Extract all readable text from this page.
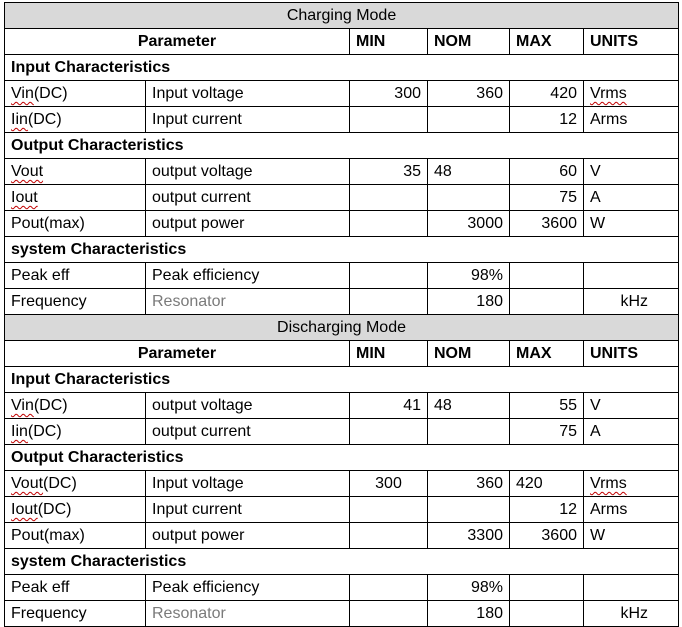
Charging Mode					
Parameter		MIN	NOM	MAX	UNITS
Input Characteristics					
Vin(DC)	Input voltage	300	360	420	Vrms
Iin(DC)	Input current			12	Arms
Output Characteristics					
Vout	output voltage	35	48	60	V
Iout	output current			75	A
Pout(max)	output power		3000	3600	W
system Characteristics					
Peak eff	Peak efficiency		98%		
Frequency	Resonator		180		kHz
Discharging Mode					
Parameter		MIN	NOM	MAX	UNITS
Input Characteristics					
Vin(DC)	output voltage	41	48	55	V
Iin(DC)	output current			75	A
Output Characteristics					
Vout(DC)	Input voltage	300	360	420	Vrms
Iout(DC)	Input current			12	Arms
Pout(max)	output power		3300	3600	W
system Characteristics					
Peak eff	Peak efficiency		98%		
Frequency	Resonator		180		kHz
